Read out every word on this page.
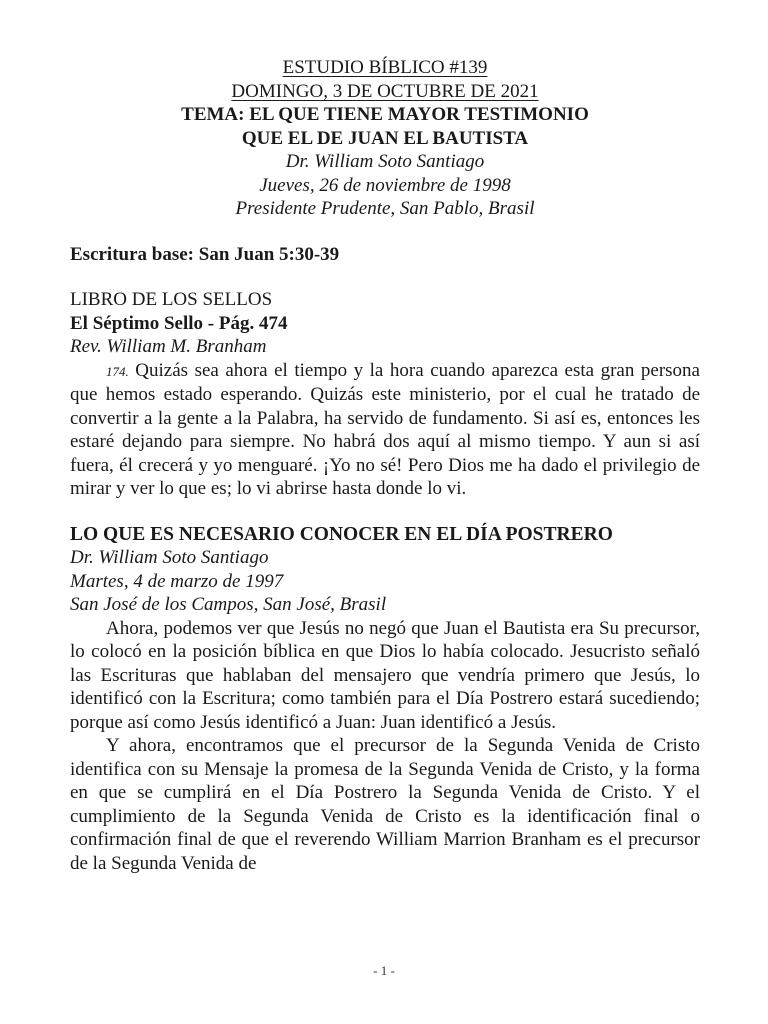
ESTUDIO BÍBLICO #139
DOMINGO, 3 DE OCTUBRE DE 2021
TEMA: EL QUE TIENE MAYOR TESTIMONIO
QUE EL DE JUAN EL BAUTISTA
Dr. William Soto Santiago
Jueves, 26 de noviembre de 1998
Presidente Prudente, San Pablo, Brasil
Escritura base: San Juan 5:30-39
LIBRO DE LOS SELLOS
El Séptimo Sello - Pág. 474
Rev. William M. Branham

174. Quizás sea ahora el tiempo y la hora cuando aparezca esta gran persona que hemos estado esperando. Quizás este ministerio, por el cual he tratado de convertir a la gente a la Palabra, ha servido de fundamento. Si así es, entonces les estaré dejando para siempre. No habrá dos aquí al mismo tiempo. Y aun si así fuera, él crecerá y yo menguaré. ¡Yo no sé! Pero Dios me ha dado el privilegio de mirar y ver lo que es; lo vi abrirse hasta donde lo vi.

LO QUE ES NECESARIO CONOCER EN EL DÍA POSTRERO
Dr. William Soto Santiago
Martes, 4 de marzo de 1997
San José de los Campos, San José, Brasil

Ahora, podemos ver que Jesús no negó que Juan el Bautista era Su precursor, lo colocó en la posición bíblica en que Dios lo había colocado. Jesucristo señaló las Escrituras que hablaban del mensajero que vendría primero que Jesús, lo identificó con la Escritura; como también para el Día Postrero estará sucediendo; porque así como Jesús identificó a Juan: Juan identificó a Jesús.

Y ahora, encontramos que el precursor de la Segunda Venida de Cristo identifica con su Mensaje la promesa de la Segunda Venida de Cristo, y la forma en que se cumplirá en el Día Postrero la Segunda Venida de Cristo. Y el cumplimiento de la Segunda Venida de Cristo es la identificación final o confirmación final de que el reverendo William Marrion Branham es el precursor de la Segunda Venida de

- 1 -
